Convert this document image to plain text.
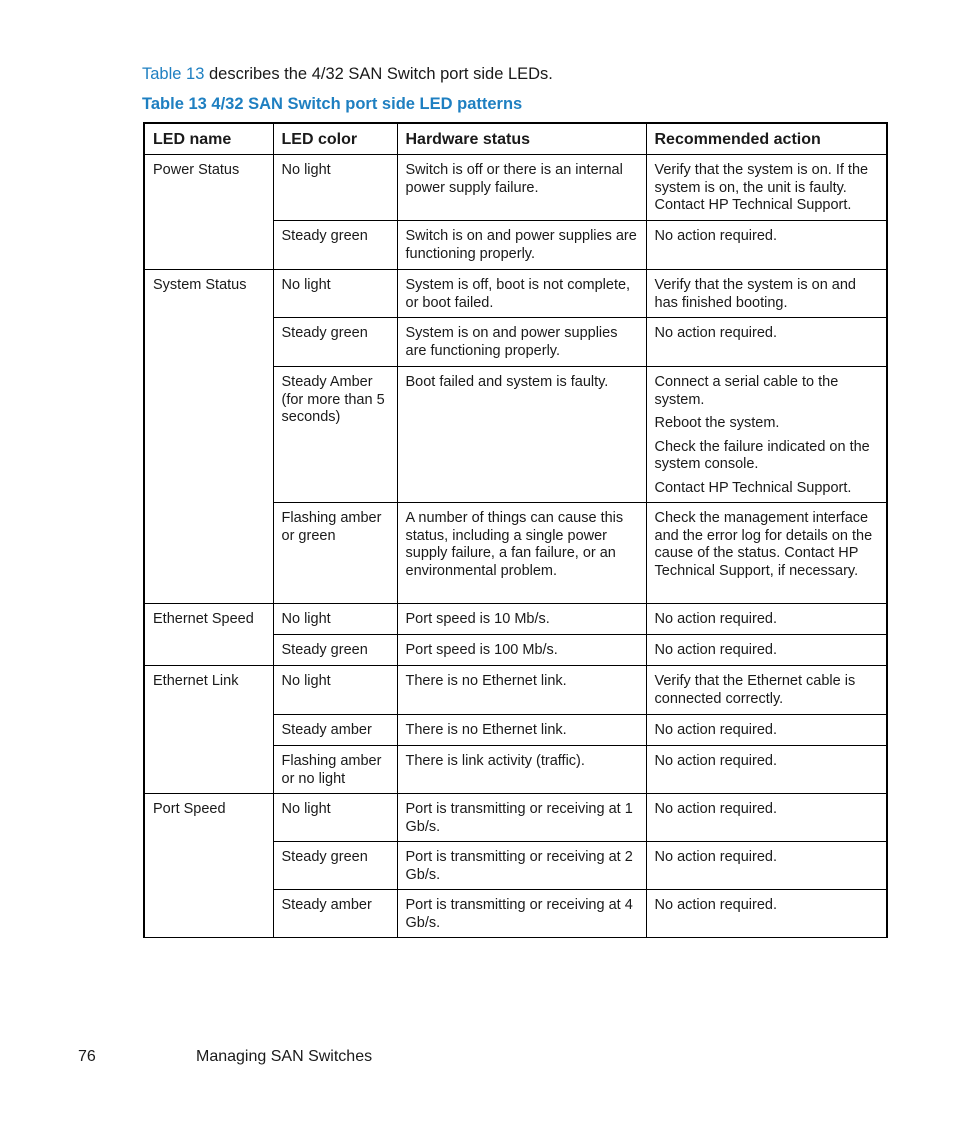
Table 13 describes the 4/32 SAN Switch port side LEDs.
Table 13 4/32 SAN Switch port side LED patterns
LED name	LED color	Hardware status	Recommended action
Power Status	No light	Switch is off or there is an internal power supply failure.	Verify that the system is on. If the system is on, the unit is faulty. Contact HP Technical Support.

	Steady green	Switch is on and power supplies are functioning properly.	No action required.

System Status	No light	System is off, boot is not complete, or boot failed.	Verify that the system is on and has finished booting.

	Steady green	System is on and power supplies are functioning properly.	No action required.

	Steady Amber (for more than 5 seconds)	Boot failed and system is faulty.	Connect a serial cable to the system.

Reboot the system.

Check the failure indicated on the system console.

Contact HP Technical Support.

	Flashing amber or green	A number of things can cause this status, including a single power supply failure, a fan failure, or an environmental problem.	Check the management interface and the error log for details on the cause of the status. Contact HP Technical Support, if necessary.

Ethernet Speed	No light	Port speed is 10 Mb/s.	No action required.

	Steady green	Port speed is 100 Mb/s.	No action required.

Ethernet Link	No light	There is no Ethernet link.	Verify that the Ethernet cable is connected correctly.

	Steady amber	There is no Ethernet link.	No action required.

	Flashing amber or no light	There is link activity (traffic).	No action required.

Port Speed	No light	Port is transmitting or receiving at 1 Gb/s.	No action required.

	Steady green	Port is transmitting or receiving at 2 Gb/s.	No action required.

	Steady amber	Port is transmitting or receiving at 4 Gb/s.	No action required.

76	Managing SAN Switches
